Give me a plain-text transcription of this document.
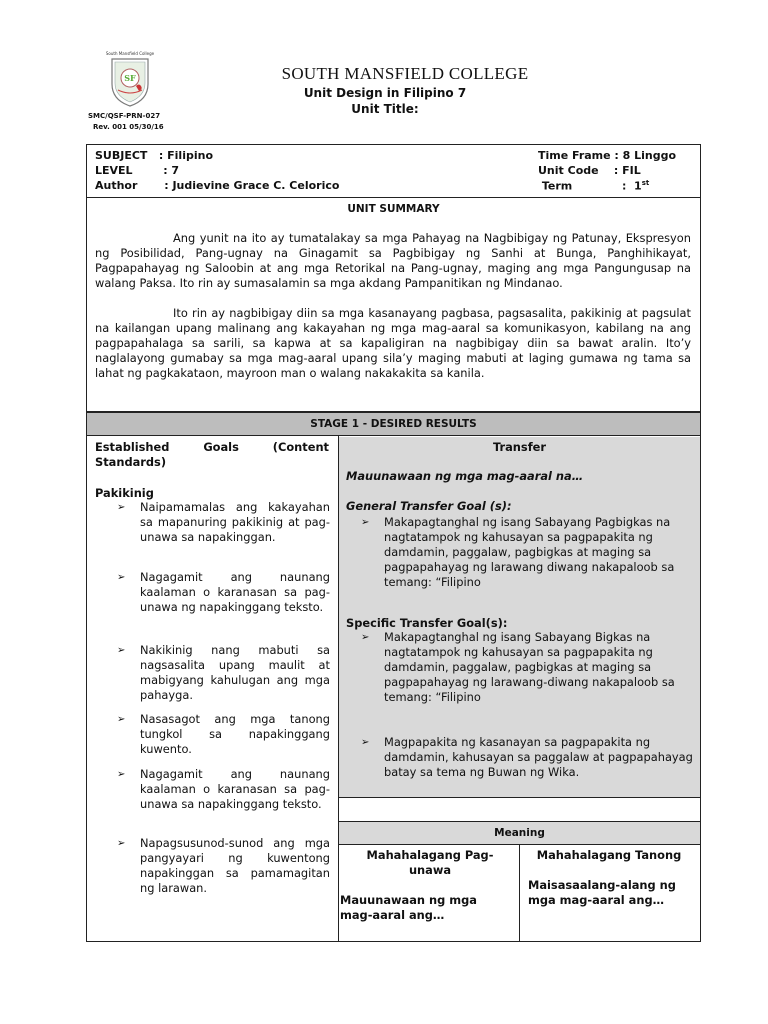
South Mansfield College
SF	SOUTH MANSFIELD COLLEGE
Unit Design in Filipino 7
Unit Title:
SMC/QSF-PRN-027
Rev. 001 05/30/16
SUBJECT   : Filipino
LEVEL        : 7
Author       : Judievine Grace C. Celorico
Time Frame : 8 Linggo
Unit Code    : FIL
Term             :  1st
UNIT SUMMARY
Ang yunit na ito ay tumatalakay sa mga Pahayag na Nagbibigay ng Patunay, Ekspresyon ng Posibilidad, Pang-ugnay na Ginagamit sa Pagbibigay ng Sanhi at Bunga, Panghihikayat, Pagpapahayag ng Saloobin at ang mga Retorikal na Pang-ugnay, maging ang mga Pangungusap na walang Paksa. Ito rin ay sumasalamin sa mga akdang Pampanitikan ng Mindanao.
Ito rin ay nagbibigay diin sa mga kasanayang pagbasa, pagsasalita, pakikinig at pagsulat na kailangan upang malinang ang kakayahan ng mga mag-aaral sa komunikasyon, kabilang na ang pagpapahalaga sa sarili, sa kapwa at sa kapaligiran na nagbibigay diin sa bawat aralin. Ito’y naglalayong gumabay sa mga mag-aaral upang sila’y maging mabuti at laging gumawa ng tama sa lahat ng pagkakataon, mayroon man o walang nakakakita sa kanila.
STAGE 1 - DESIRED RESULTS
Meaning
Established Goals (Content Standards)
Pakikinig
➢ Naipamamalas ang kakayahan sa mapanuring pakikinig at pag-unawa sa napakinggan.
➢ Nagagamit ang naunang kaalaman o karanasan sa pag-unawa ng napakinggang teksto.
➢ Nakikinig nang mabuti sa nagsasalita upang maulit at mabigyang kahulugan ang mga pahayga.
➢ Nasasagot ang mga tanong tungkol sa napakinggang kuwento.
➢ Nagagamit ang naunang kaalaman o karanasan sa pag-unawa sa napakinggang teksto.
➢ Napagsusunod-sunod ang mga pangyayari ng kuwentong napakinggan sa pamamagitan ng larawan.
Transfer
Mauunawaan ng mga mag-aaral na…
General Transfer Goal (s):
➢ Makapagtanghal ng isang Sabayang Pagbigkas na nagtatampok ng kahusayan sa pagpapakita ng damdamin, paggalaw, pagbigkas at maging sa pagpapahayag ng larawang diwang nakapaloob sa temang: “Filipino
Specific Transfer Goal(s):
➢ Makapagtanghal ng isang Sabayang Bigkas na nagtatampok ng kahusayan sa pagpapakita ng damdamin, paggalaw, pagbigkas at maging sa pagpapahayag ng larawang-diwang nakapaloob sa temang: “Filipino
➢ Magpapakita ng kasanayan sa pagpapakita ng damdamin, kahusayan sa paggalaw at pagpapahayag batay sa tema ng Buwan ng Wika.
Mahahalagang Pag-unawa
Mauunawaan ng mga mag-aaral ang…
Mahahalagang Tanong
Maisasaalang-alang ng mga mag-aaral ang…
